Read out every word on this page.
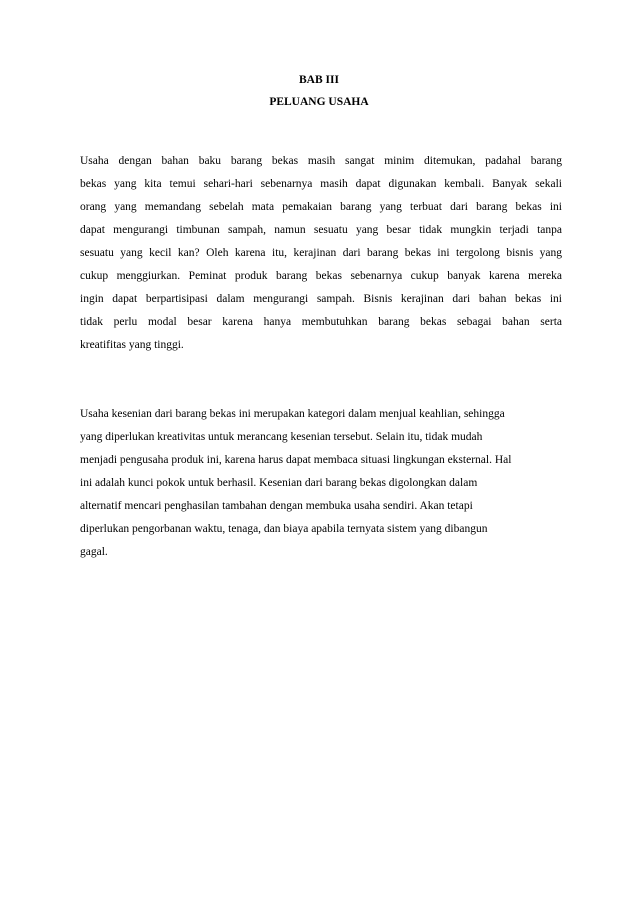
BAB III
PELUANG USAHA
Usaha dengan bahan baku barang bekas masih sangat minim ditemukan, padahal barang
bekas yang kita temui sehari-hari sebenarnya masih dapat digunakan kembali. Banyak sekali
orang yang memandang sebelah mata pemakaian barang yang terbuat dari barang bekas ini
dapat mengurangi timbunan sampah, namun sesuatu yang besar tidak mungkin terjadi tanpa
sesuatu yang kecil kan? Oleh karena itu, kerajinan dari barang bekas ini tergolong bisnis yang
cukup menggiurkan. Peminat produk barang bekas sebenarnya cukup banyak karena mereka
ingin dapat berpartisipasi dalam mengurangi sampah. Bisnis kerajinan dari bahan bekas ini
tidak perlu modal besar karena hanya membutuhkan barang bekas sebagai bahan serta
kreatifitas yang tinggi.
Usaha kesenian dari barang bekas ini merupakan kategori dalam menjual keahlian, sehingga
yang diperlukan kreativitas untuk merancang kesenian tersebut. Selain itu, tidak mudah
menjadi pengusaha produk ini, karena harus dapat membaca situasi lingkungan eksternal. Hal
ini adalah kunci pokok untuk berhasil. Kesenian dari barang bekas digolongkan dalam
alternatif mencari penghasilan tambahan dengan membuka usaha sendiri. Akan tetapi
diperlukan pengorbanan waktu, tenaga, dan biaya apabila ternyata sistem yang dibangun
gagal.
